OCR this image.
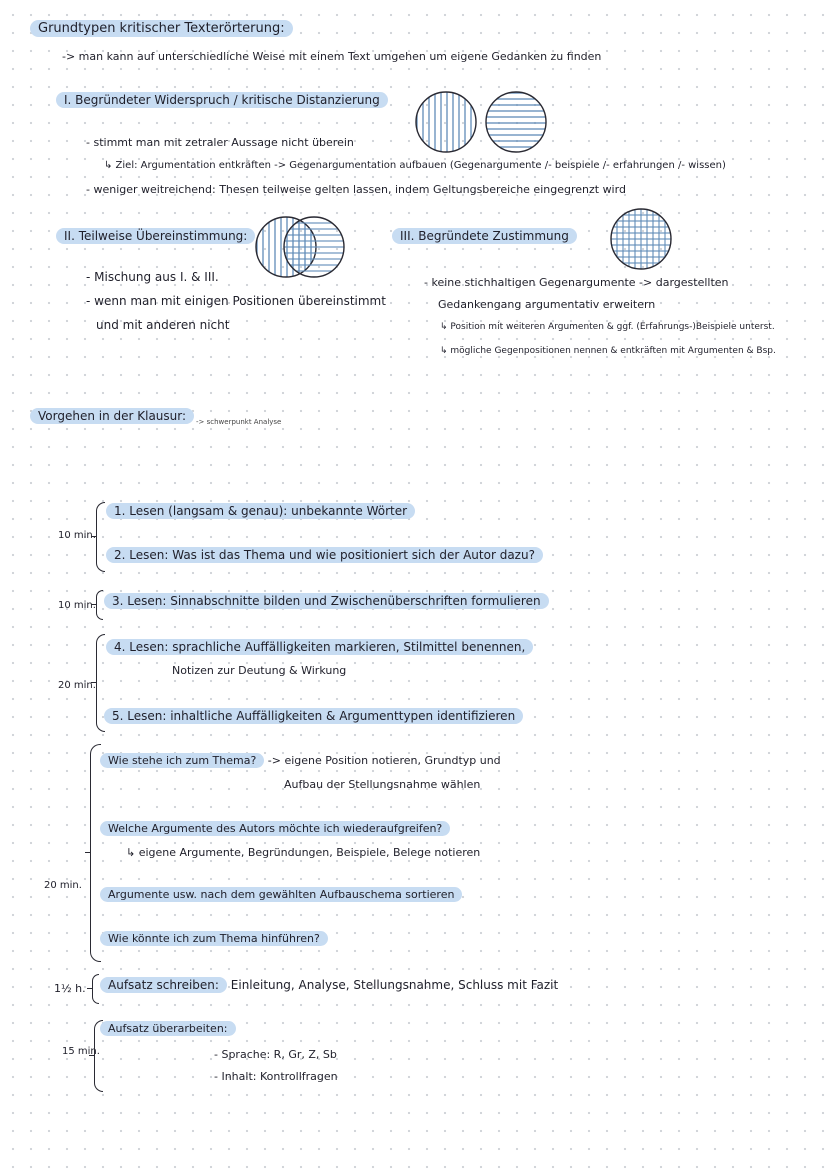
Grundtypen kritischer Texterörterung:
-> man kann auf unterschiedliche Weise mit einem Text umgehen um eigene Gedanken zu finden
I. Begründeter Widerspruch / kritische Distanzierung
- stimmt man mit zetraler Aussage nicht überein
↳ Ziel: Argumentation entkräften -> Gegenargumentation aufbauen (Gegenargumente /- beispiele /- erfahrungen /- wissen)
- weniger weitreichend: Thesen teilweise gelten lassen, indem Geltungsbereiche eingegrenzt wird
II. Teilweise Übereinstimmung:
- Mischung aus I. & III.
- wenn man mit einigen Positionen übereinstimmt
und mit anderen nicht
III. Begründete Zustimmung
- keine stichhaltigen Gegenargumente -> dargestellten
Gedankengang argumentativ erweitern
↳ Position mit weiteren Argumenten & ggf. (Erfahrungs-)Beispiele unterst.
↳ mögliche Gegenpositionen nennen & entkräften mit Argumenten & Bsp.
Vorgehen in der Klausur:	-> schwerpunkt Analyse
10 min.
1. Lesen (langsam & genau): unbekannte Wörter
2. Lesen: Was ist das Thema und wie positioniert sich der Autor dazu?
10 min.	3. Lesen: Sinnabschnitte bilden und Zwischenüberschriften formulieren
20 min.
4. Lesen: sprachliche Auffälligkeiten markieren, Stilmittel benennen,
Notizen zur Deutung & Wirkung
5. Lesen: inhaltliche Auffälligkeiten & Argumenttypen identifizieren
20 min.
Wie stehe ich zum Thema? -> eigene Position notieren, Grundtyp und
Aufbau der Stellungsnahme wählen
Welche Argumente des Autors möchte ich wiederaufgreifen?
↳ eigene Argumente, Begründungen, Beispiele, Belege notieren
Argumente usw. nach dem gewählten Aufbauschema sortieren
Wie könnte ich zum Thema hinführen?
1½ h.	Aufsatz schreiben: Einleitung, Analyse, Stellungsnahme, Schluss mit Fazit
15 min.
Aufsatz überarbeiten:
- Sprache: R, Gr, Z, Sb
- Inhalt: Kontrollfragen
